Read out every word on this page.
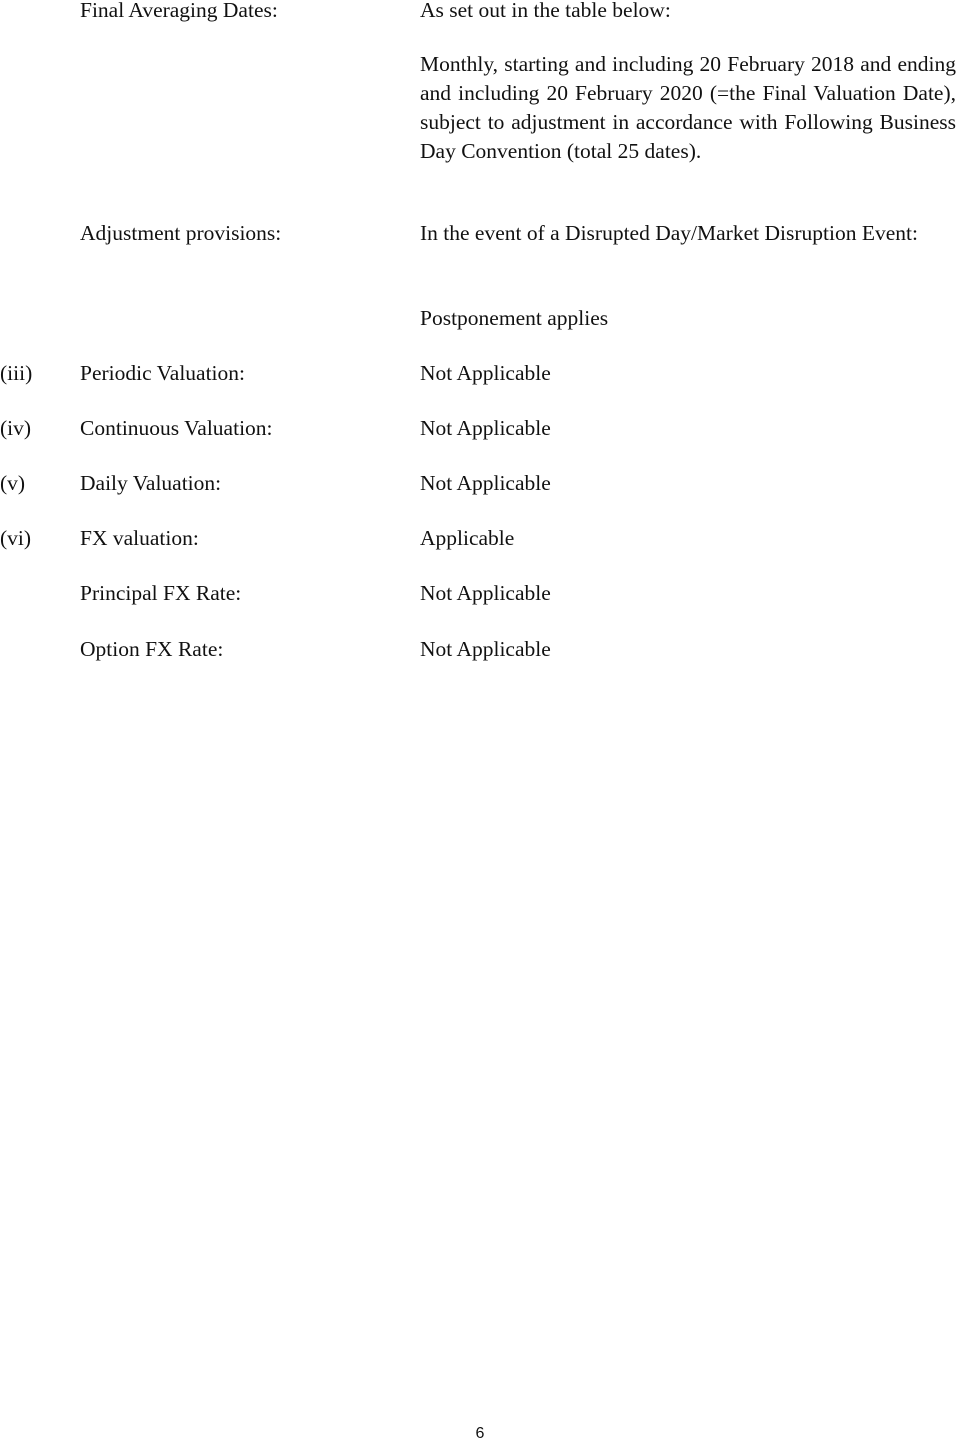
Final Averaging Dates:	As set out in the table below:
Monthly, starting and including 20 February 2018 and ending and including 20 February 2020 (=the Final Valuation Date), subject to adjustment in accordance with Following Business Day Convention (total 25 dates).
Adjustment provisions:	In the event of a Disrupted Day/Market Disruption Event:
Postponement applies
(iii) Periodic Valuation:	Not Applicable
(iv) Continuous Valuation:	Not Applicable
(v)	Daily Valuation:	Not Applicable
(vi) FX valuation:	Applicable
Principal FX Rate:	Not Applicable
Option FX Rate:	Not Applicable
6
